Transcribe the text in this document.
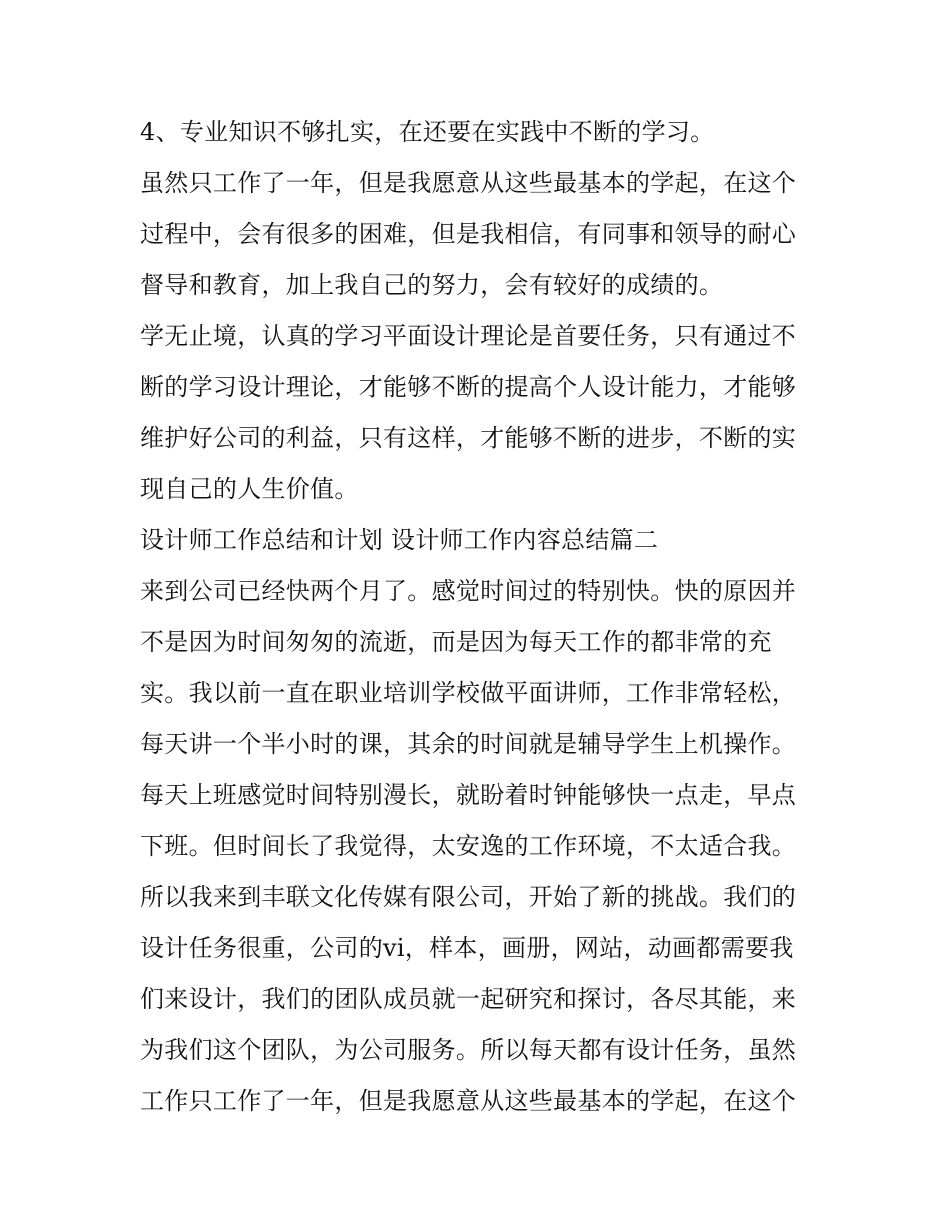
4、专业知识不够扎实，在还要在实践中不断的学习。
虽然只工作了一年，但是我愿意从这些最基本的学起，在这个
过程中，会有很多的困难，但是我相信，有同事和领导的耐心
督导和教育，加上我自己的努力，会有较好的成绩的。
学无止境，认真的学习平面设计理论是首要任务，只有通过不
断的学习设计理论，才能够不断的提高个人设计能力，才能够
维护好公司的利益，只有这样，才能够不断的进步，不断的实
现自己的人生价值。
设计师工作总结和计划 设计师工作内容总结篇二
来到公司已经快两个月了。感觉时间过的特别快。快的原因并
不是因为时间匆匆的流逝，而是因为每天工作的都非常的充
实。我以前一直在职业培训学校做平面讲师，工作非常轻松，
每天讲一个半小时的课，其余的时间就是辅导学生上机操作。
每天上班感觉时间特别漫长，就盼着时钟能够快一点走，早点
下班。但时间长了我觉得，太安逸的工作环境，不太适合我。
所以我来到丰联文化传媒有限公司，开始了新的挑战。我们的
设计任务很重，公司的vi，样本，画册，网站，动画都需要我
们来设计，我们的团队成员就一起研究和探讨，各尽其能，来
为我们这个团队，为公司服务。所以每天都有设计任务，虽然
工作只工作了一年，但是我愿意从这些最基本的学起，在这个
